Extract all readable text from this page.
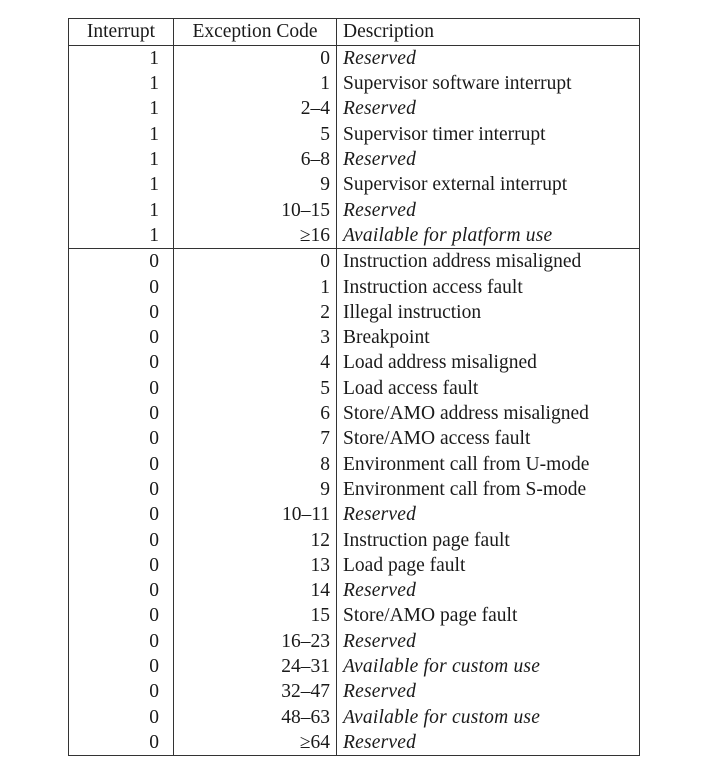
Interrupt	Exception Code	Description
1	0	Reserved
1	1	Supervisor software interrupt
1	2–4	Reserved
1	5	Supervisor timer interrupt
1	6–8	Reserved
1	9	Supervisor external interrupt
1	10–15	Reserved
1	≥16	Available for platform use
0	0	Instruction address misaligned
0	1	Instruction access fault
0	2	Illegal instruction
0	3	Breakpoint
0	4	Load address misaligned
0	5	Load access fault
0	6	Store/AMO address misaligned
0	7	Store/AMO access fault
0	8	Environment call from U-mode
0	9	Environment call from S-mode
0	10–11	Reserved
0	12	Instruction page fault
0	13	Load page fault
0	14	Reserved
0	15	Store/AMO page fault
0	16–23	Reserved
0	24–31	Available for custom use
0	32–47	Reserved
0	48–63	Available for custom use
0	≥64	Reserved
